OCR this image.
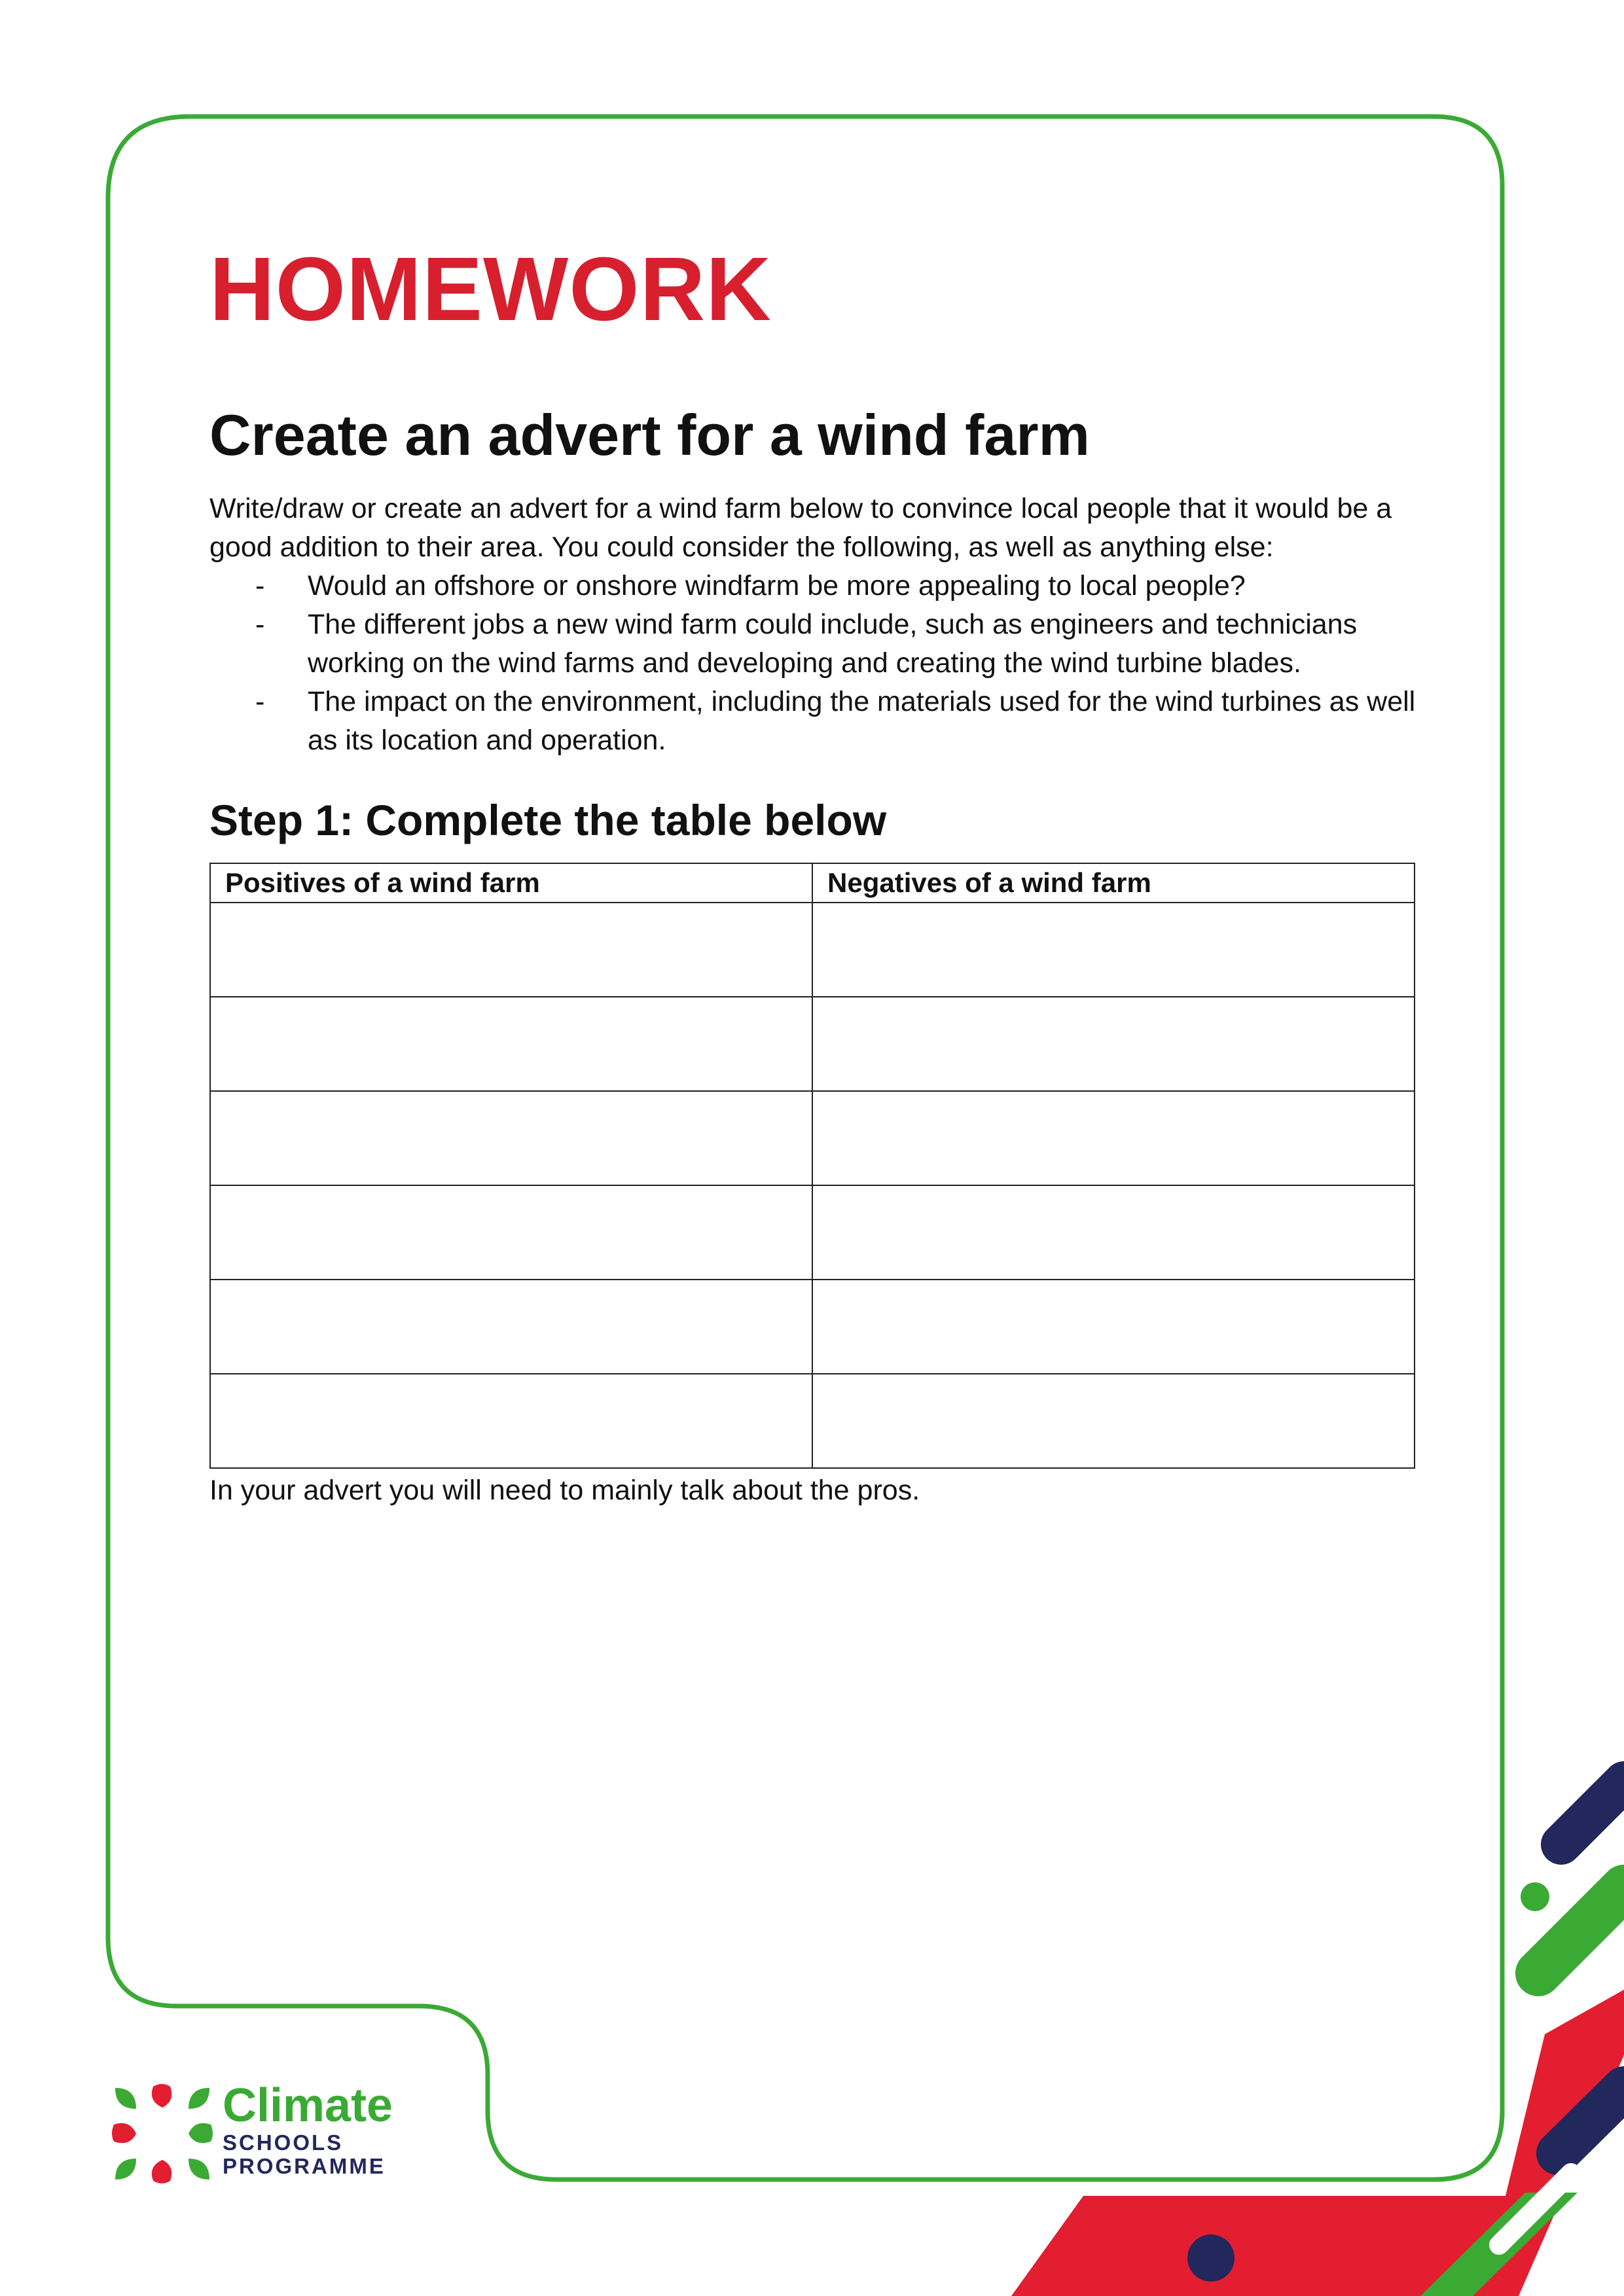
HOMEWORK
Create an advert for a wind farm
Write/draw or create an advert for a wind farm below to convince local people that it would be a good addition to their area. You could consider the following, as well as anything else:
- Would an offshore or onshore windfarm be more appealing to local people?
- The different jobs a new wind farm could include, such as engineers and technicians working on the wind farms and developing and creating the wind turbine blades.
- The impact on the environment, including the materials used for the wind turbines as well as its location and operation.
Step 1: Complete the table below
Positives of a wind farm	Negatives of a wind farm

In your advert you will need to mainly talk about the pros.
Climate
SCHOOLS
PROGRAMME
